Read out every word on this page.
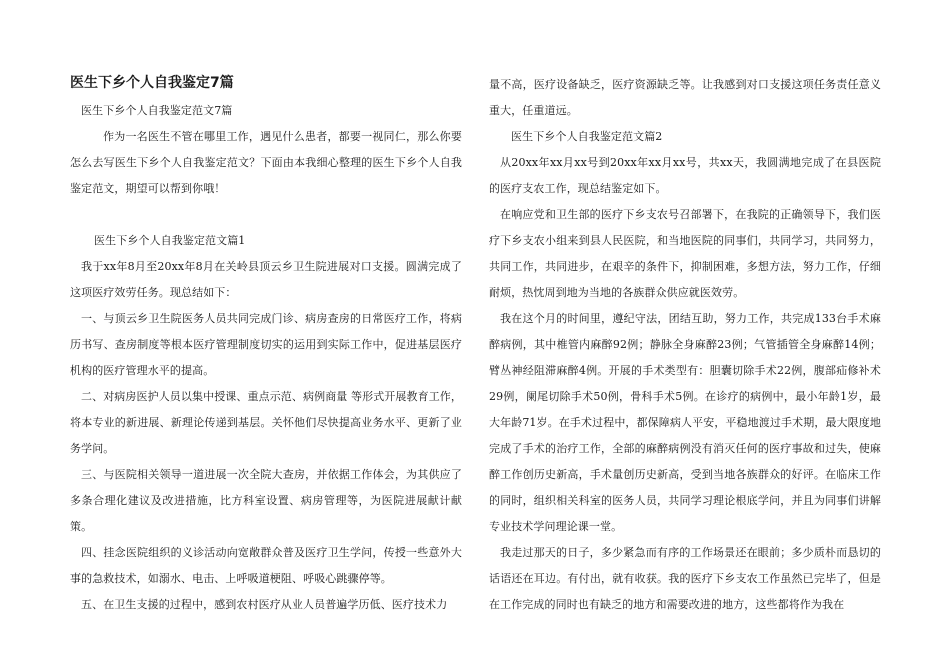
医生下乡个人自我鉴定7篇

医生下乡个人自我鉴定范文7篇

作为一名医生不管在哪里工作，遇见什么患者，都要一视同仁，那么你要怎么去写医生下乡个人自我鉴定范文？下面由本我细心整理的医生下乡个人自我鉴定范文，期望可以帮到你哦！

医生下乡个人自我鉴定范文篇1

我于xx年8月至20xx年8月在关岭县顶云乡卫生院进展对口支援。圆满完成了这项医疗效劳任务。现总结如下：

一、与顶云乡卫生院医务人员共同完成门诊、病房查房的日常医疗工作，将病历书写、查房制度等根本医疗管理制度切实的运用到实际工作中，促进基层医疗机构的医疗管理水平的提高。

二、对病房医护人员以集中授课、重点示范、病例商量 等形式开展教育工作，将本专业的新进展、新理论传递到基层。关怀他们尽快提高业务水平、更新了业务学问。

三、与医院相关领导一道进展一次全院大查房，并依据工作体会，为其供应了多条合理化建议及改进措施，比方科室设置、病房管理等，为医院进展献计献策。

四、挂念医院组织的义诊活动向宽敞群众普及医疗卫生学问，传授一些意外大事的急救技术，如溺水、电击、上呼吸道梗阻、呼吸心跳骤停等。

五、在卫生支援的过程中，感到农村医疗从业人员普遍学历低、医疗技术力

量不高，医疗设备缺乏，医疗资源缺乏等。让我感到对口支援这项任务责任意义重大，任重道远。

医生下乡个人自我鉴定范文篇2

从20xx年xx月xx号到20xx年xx月xx号，共xx天，我圆满地完成了在县医院的医疗支农工作，现总结鉴定如下。

在响应党和卫生部的医疗下乡支农号召部署下，在我院的正确领导下，我们医疗下乡支农小组来到县人民医院，和当地医院的同事们，共同学习，共同努力，共同工作，共同进步，在艰辛的条件下，抑制困难，多想方法，努力工作，仔细耐烦，热忱周到地为当地的各族群众供应就医效劳。

我在这个月的时间里，遵纪守法，团结互助，努力工作，共完成133台手术麻醉病例，其中椎管内麻醉92例；静脉全身麻醉23例；气管插管全身麻醉14例；臂丛神经阻滞麻醉4例。开展的手术类型有：胆囊切除手术22例，腹部疝修补术29例，阑尾切除手术50例，骨科手术5例。在诊疗的病例中，最小年龄1岁，最大年龄71岁。在手术过程中，都保障病人平安，平稳地渡过手术期，最大限度地完成了手术的治疗工作，全部的麻醉病例没有消灭任何的医疗事故和过失，使麻醉工作创历史新高，手术量创历史新高，受到当地各族群众的好评。在临床工作的同时，组织相关科室的医务人员，共同学习理论根底学问，并且为同事们讲解专业技术学问理论课一堂。

我走过那天的日子，多少紧急而有序的工作场景还在眼前；多少质朴而恳切的话语还在耳边。有付出，就有收获。我的医疗下乡支农工作虽然已完毕了，但是在工作完成的同时也有缺乏的地方和需要改进的地方，这些都将作为我在
